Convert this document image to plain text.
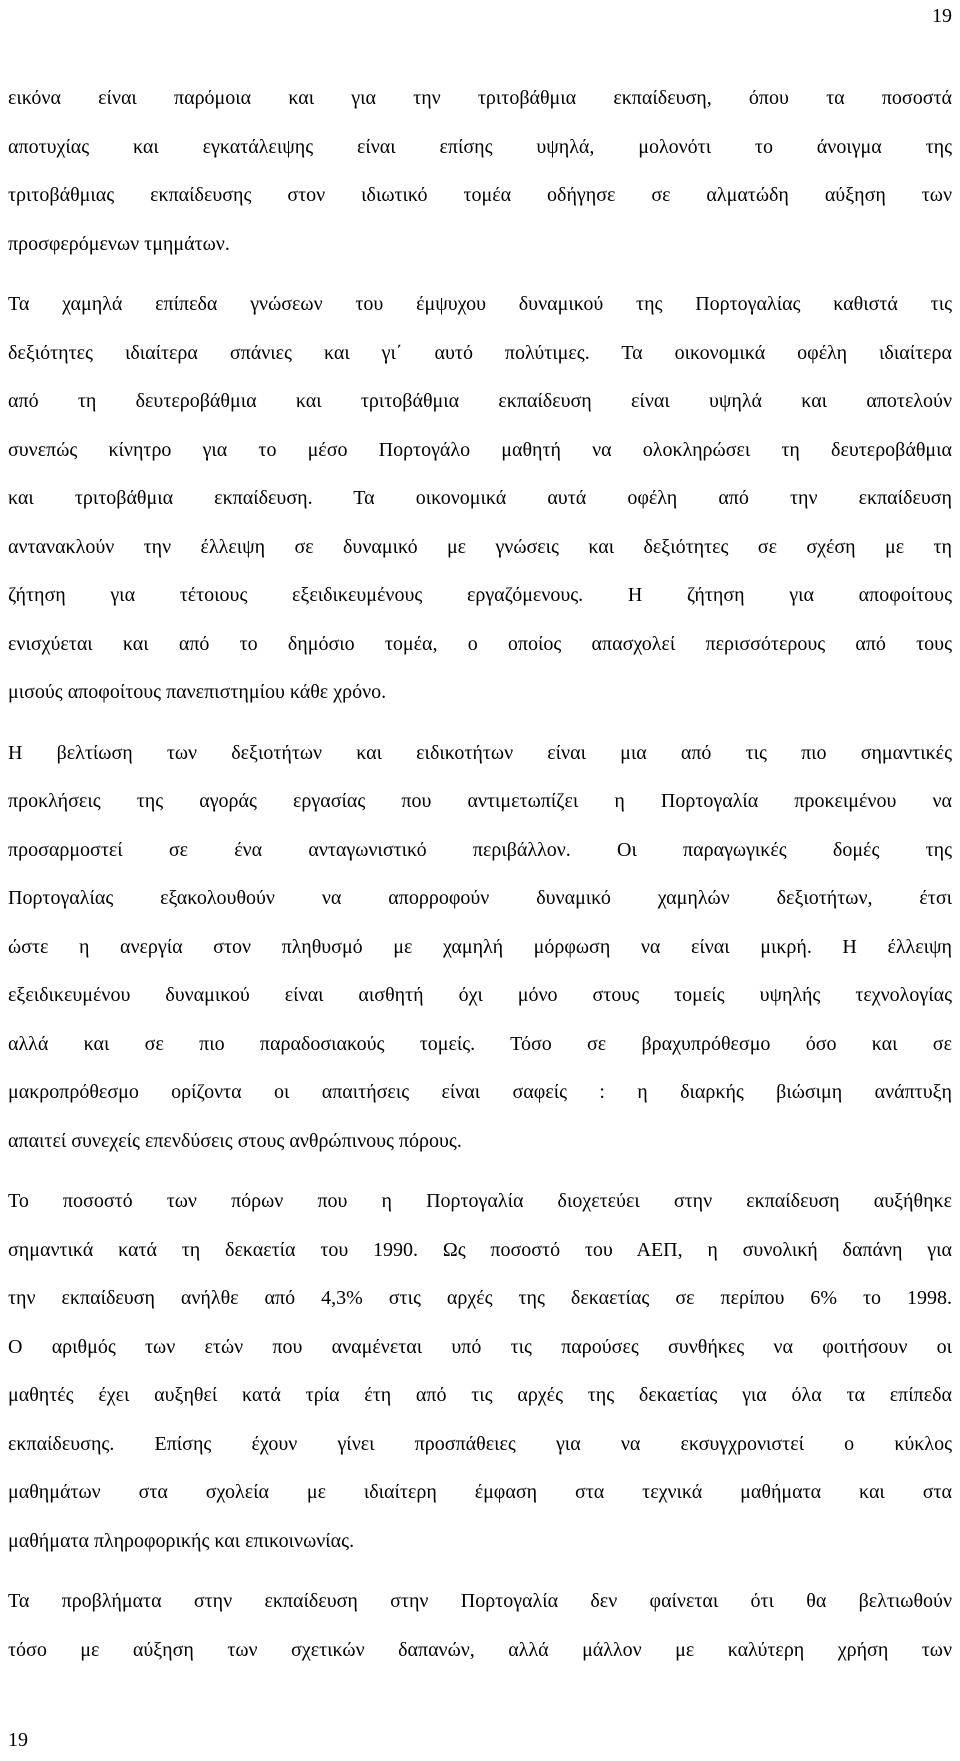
19
εικόνα είναι παρόμοια και για την τριτοβάθμια εκπαίδευση, όπου τα ποσοστά
αποτυχίας και εγκατάλειψης είναι επίσης υψηλά, μολονότι το άνοιγμα της
τριτοβάθμιας εκπαίδευσης στον ιδιωτικό τομέα οδήγησε σε αλματώδη αύξηση των
προσφερόμενων τμημάτων.
Τα χαμηλά επίπεδα γνώσεων του έμψυχου δυναμικού της Πορτογαλίας καθιστά τις
δεξιότητες ιδιαίτερα σπάνιες και γι΄ αυτό πολύτιμες. Τα οικονομικά οφέλη ιδιαίτερα
από τη δευτεροβάθμια και τριτοβάθμια εκπαίδευση είναι υψηλά και αποτελούν
συνεπώς κίνητρο για το μέσο Πορτογάλο μαθητή να ολοκληρώσει τη δευτεροβάθμια
και τριτοβάθμια εκπαίδευση. Τα οικονομικά αυτά οφέλη από την εκπαίδευση
αντανακλούν την έλλειψη σε δυναμικό με γνώσεις και δεξιότητες σε σχέση με τη
ζήτηση για τέτοιους εξειδικευμένους εργαζόμενους. Η ζήτηση για αποφοίτους
ενισχύεται και από το δημόσιο τομέα, ο οποίος απασχολεί περισσότερους από τους
μισούς αποφοίτους πανεπιστημίου κάθε χρόνο.
Η βελτίωση των δεξιοτήτων και ειδικοτήτων είναι μια από τις πιο σημαντικές
προκλήσεις της αγοράς εργασίας που αντιμετωπίζει η Πορτογαλία προκειμένου να
προσαρμοστεί σε ένα ανταγωνιστικό περιβάλλον. Οι παραγωγικές δομές της
Πορτογαλίας εξακολουθούν να απορροφούν δυναμικό χαμηλών δεξιοτήτων, έτσι
ώστε η ανεργία στον πληθυσμό με χαμηλή μόρφωση να είναι μικρή. Η έλλειψη
εξειδικευμένου δυναμικού είναι αισθητή όχι μόνο στους τομείς υψηλής τεχνολογίας
αλλά και σε πιο παραδοσιακούς τομείς. Τόσο σε βραχυπρόθεσμο όσο και σε
μακροπρόθεσμο ορίζοντα οι απαιτήσεις είναι σαφείς : η διαρκής βιώσιμη ανάπτυξη
απαιτεί συνεχείς επενδύσεις στους ανθρώπινους πόρους.
Το ποσοστό των πόρων που η Πορτογαλία διοχετεύει στην εκπαίδευση αυξήθηκε
σημαντικά κατά τη δεκαετία του 1990. Ως ποσοστό του ΑΕΠ, η συνολική δαπάνη για
την εκπαίδευση ανήλθε από 4,3% στις αρχές της δεκαετίας σε περίπου 6% το 1998.
Ο αριθμός των ετών που αναμένεται υπό τις παρούσες συνθήκες να φοιτήσουν οι
μαθητές έχει αυξηθεί κατά τρία έτη από τις αρχές της δεκαετίας για όλα τα επίπεδα
εκπαίδευσης. Επίσης έχουν γίνει προσπάθειες για να εκσυγχρονιστεί ο κύκλος
μαθημάτων στα σχολεία με ιδιαίτερη έμφαση στα τεχνικά μαθήματα και στα
μαθήματα πληροφορικής και επικοινωνίας.
Τα προβλήματα στην εκπαίδευση στην Πορτογαλία δεν φαίνεται ότι θα βελτιωθούν
τόσο με αύξηση των σχετικών δαπανών, αλλά μάλλον με καλύτερη χρήση των
19
